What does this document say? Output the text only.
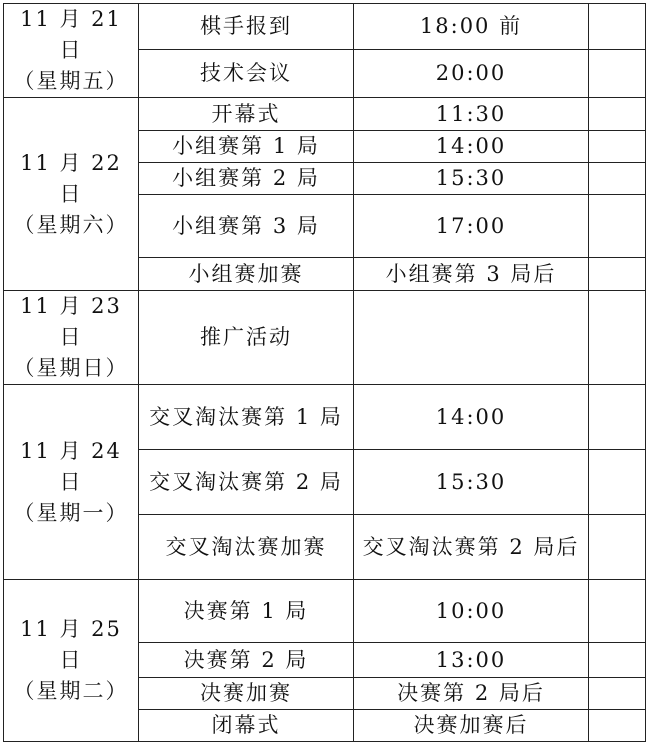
11 月 21 日
（星期五）	棋手报到	18:00 前	
	技术会议	20:00	

11 月 22 日
（星期六）	开幕式	11:30	
	小组赛第 1 局	14:00	
	小组赛第 2 局	15:30	
	小组赛第 3 局	17:00	
	小组赛加赛	小组赛第 3 局后	

11 月 23 日
（星期日）	推广活动		

11 月 24 日
（星期一）	交叉淘汰赛第 1 局	14:00	
	交叉淘汰赛第 2 局	15:30	
	交叉淘汰赛加赛	交叉淘汰赛第 2 局后	

11 月 25 日
（星期二）	决赛第 1 局	10:00	
	决赛第 2 局	13:00	
	决赛加赛	决赛第 2 局后	
	闭幕式	决赛加赛后	
